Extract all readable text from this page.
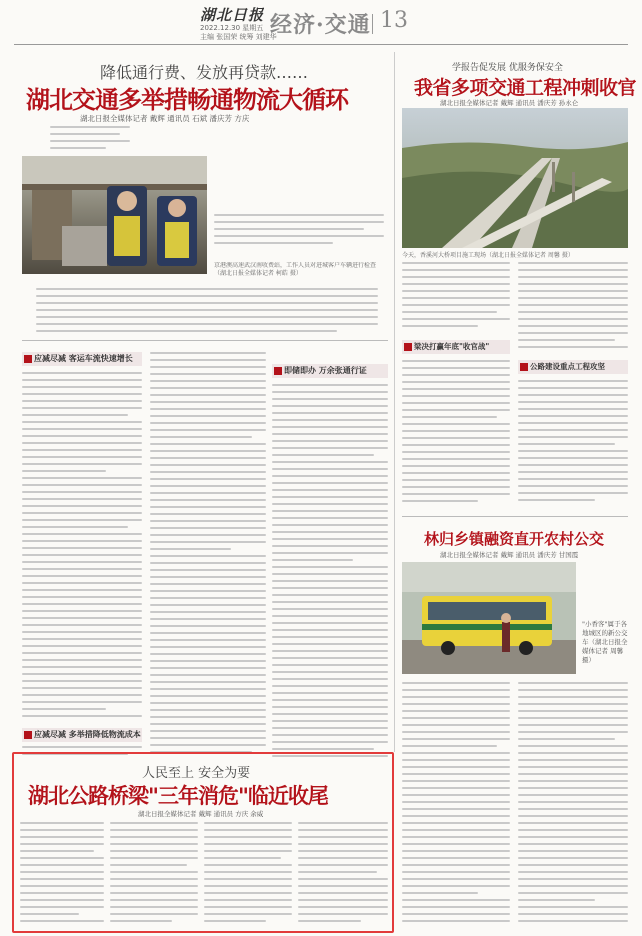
湖北日报
2022.12.30 星期五
主编 张国荣 统筹 刘建华
经济·交通 13
降低通行费、发放再贷款……
湖北交通多举措畅通物流大循环
湖北日报全媒体记者 戴辉 通讯员 石斌 潘庆芳 方庆
京港澳高速武汉南收费站，工作人员对进城客户车辆进行检查（湖北日报全媒体记者 柯皓 摄）
应减尽减 客运车流快速增长
应减尽减 多举措降低物流成本
即储即办 万余张通行证
学报告促发展 优服务保安全
我省多项交通工程冲刺收官
湖北日报全媒体记者 戴辉 通讯员 潘庆芳 孙永仑
今天，香溪河大桥项目施工现场（湖北日报全媒体记者 周馨 摄）
梁决打赢年底"收官战"
公路建设重点工程攻坚
林归乡镇融资直开农村公交
湖北日报全媒体记者 戴辉 通讯员 潘庆芳 甘国霞
"小香客"属于各地城区的新公交车（湖北日报全媒体记者 周馨 摄）
人民至上 安全为要
湖北公路桥梁"三年消危"临近收尾
湖北日报全媒体记者 戴辉 通讯员 方庆 余威
